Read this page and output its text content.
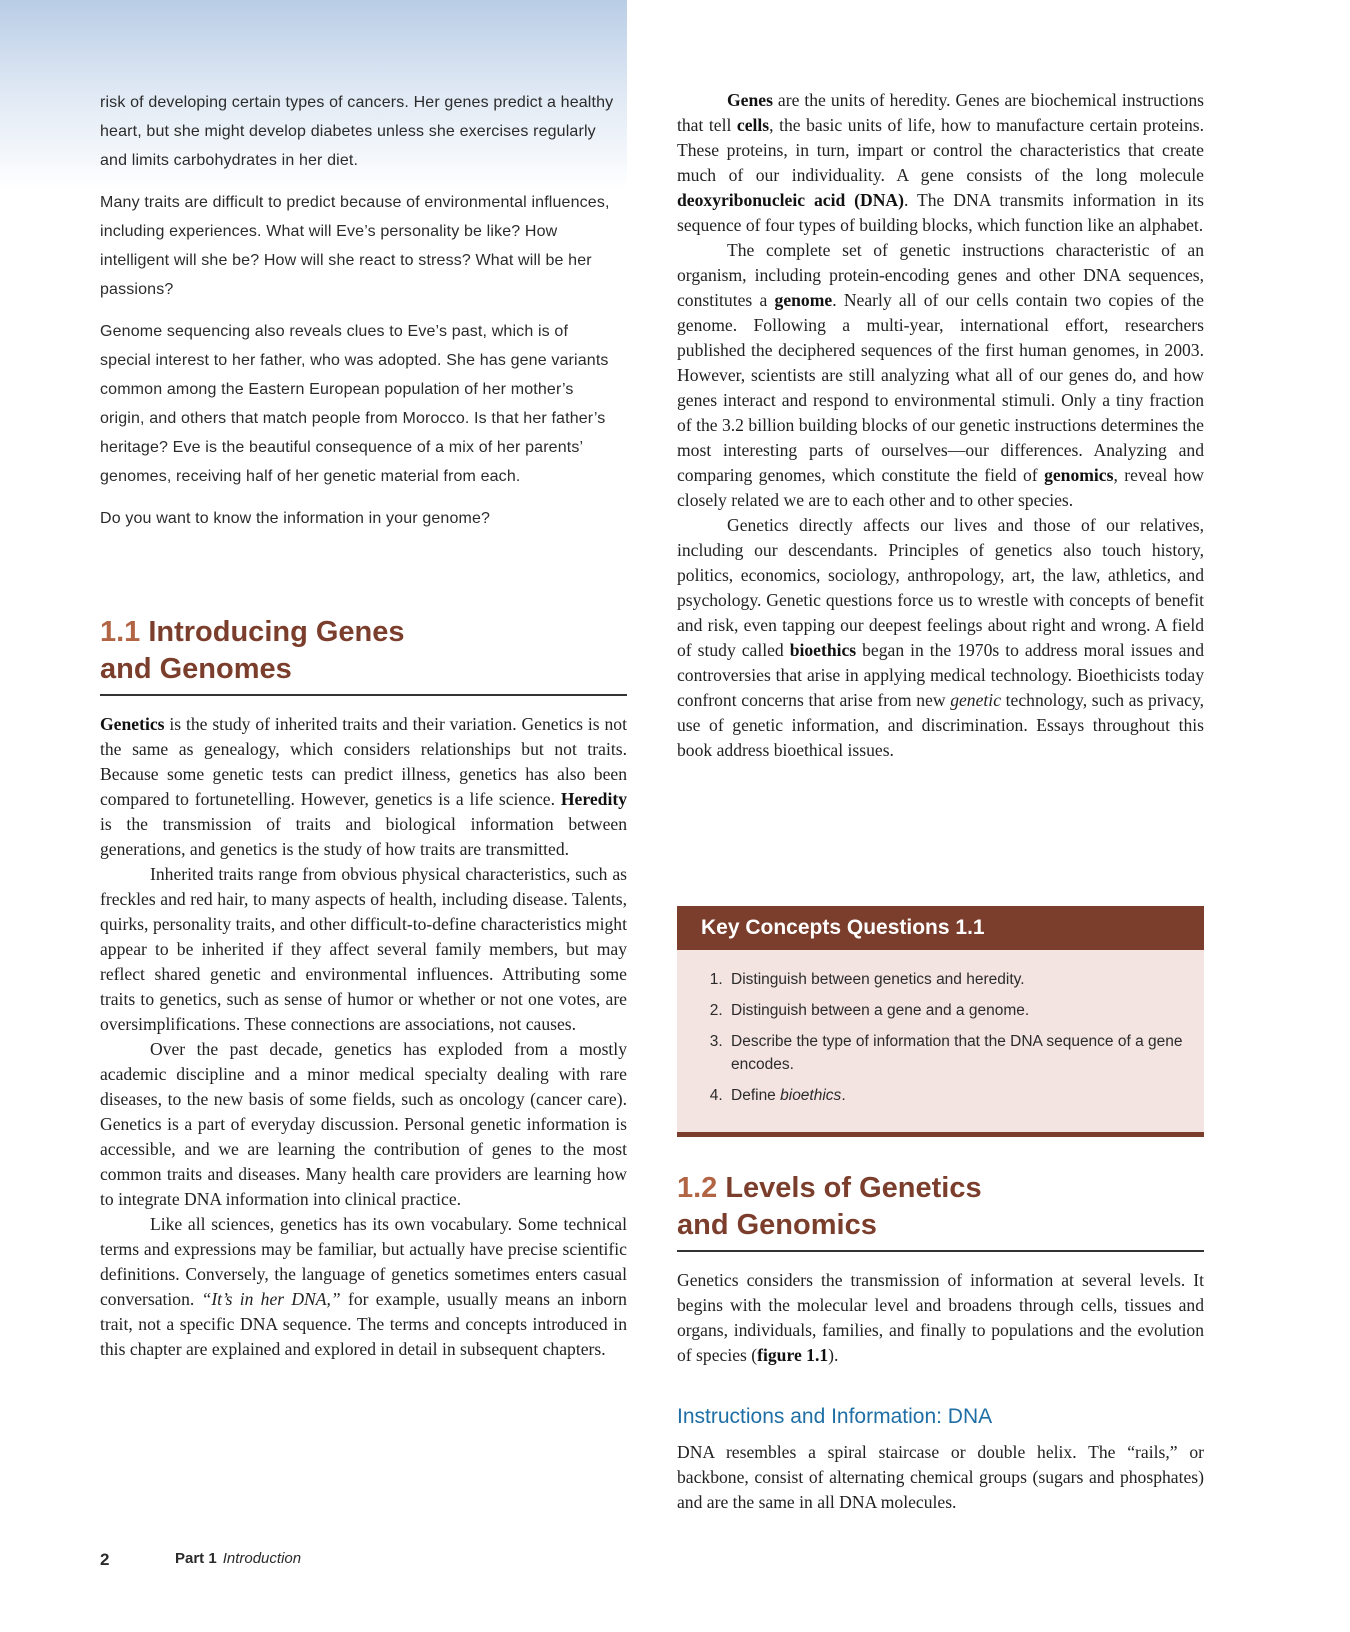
risk of developing certain types of cancers. Her genes predict a healthy heart, but she might develop diabetes unless she exercises regularly and limits carbohydrates in her diet.

Many traits are difficult to predict because of environmental influences, including experiences. What will Eve’s personality be like? How intelligent will she be? How will she react to stress? What will be her passions?

Genome sequencing also reveals clues to Eve’s past, which is of special interest to her father, who was adopted. She has gene variants common among the Eastern European population of her mother’s origin, and others that match people from Morocco. Is that her father’s heritage? Eve is the beautiful consequence of a mix of her parents’ genomes, receiving half of her genetic material from each.

Do you want to know the information in your genome?

1.1 Introducing Genes
and Genomes

Genetics is the study of inherited traits and their variation. Genetics is not the same as genealogy, which considers relationships but not traits. Because some genetic tests can predict illness, genetics has also been compared to fortunetelling. However, genetics is a life science. Heredity is the transmission of traits and biological information between generations, and genetics is the study of how traits are transmitted.

Inherited traits range from obvious physical characteristics, such as freckles and red hair, to many aspects of health, including disease. Talents, quirks, personality traits, and other difficult-to-define characteristics might appear to be inherited if they affect several family members, but may reflect shared genetic and environmental influences. Attributing some traits to genetics, such as sense of humor or whether or not one votes, are oversimplifications. These connections are associations, not causes.

Over the past decade, genetics has exploded from a mostly academic discipline and a minor medical specialty dealing with rare diseases, to the new basis of some fields, such as oncology (cancer care). Genetics is a part of everyday discussion. Personal genetic information is accessible, and we are learning the contribution of genes to the most common traits and diseases. Many health care providers are learning how to integrate DNA information into clinical practice.

Like all sciences, genetics has its own vocabulary. Some technical terms and expressions may be familiar, but actually have precise scientific definitions. Conversely, the language of genetics sometimes enters casual conversation. “It’s in her DNA,” for example, usually means an inborn trait, not a specific DNA sequence. The terms and concepts introduced in this chapter are explained and explored in detail in subsequent chapters.

Genes are the units of heredity. Genes are biochemical instructions that tell cells, the basic units of life, how to manufacture certain proteins. These proteins, in turn, impart or control the characteristics that create much of our individuality. A gene consists of the long molecule deoxyribonucleic acid (DNA). The DNA transmits information in its sequence of four types of building blocks, which function like an alphabet.

The complete set of genetic instructions characteristic of an organism, including protein-encoding genes and other DNA sequences, constitutes a genome. Nearly all of our cells contain two copies of the genome. Following a multi-year, international effort, researchers published the deciphered sequences of the first human genomes, in 2003. However, scientists are still analyzing what all of our genes do, and how genes interact and respond to environmental stimuli. Only a tiny fraction of the 3.2 billion building blocks of our genetic instructions determines the most interesting parts of ourselves—our differences. Analyzing and comparing genomes, which constitute the field of genomics, reveal how closely related we are to each other and to other species.

Genetics directly affects our lives and those of our relatives, including our descendants. Principles of genetics also touch history, politics, economics, sociology, anthropology, art, the law, athletics, and psychology. Genetic questions force us to wrestle with concepts of benefit and risk, even tapping our deepest feelings about right and wrong. A field of study called bioethics began in the 1970s to address moral issues and controversies that arise in applying medical technology. Bioethicists today confront concerns that arise from new genetic technology, such as privacy, use of genetic information, and discrimination. Essays throughout this book address bioethical issues.

Key Concepts Questions 1.1
1. Distinguish between genetics and heredity.
2. Distinguish between a gene and a genome.
3. Describe the type of information that the DNA sequence of a gene encodes.
4. Define bioethics.
1.2 Levels of Genetics
and Genomics

Genetics considers the transmission of information at several levels. It begins with the molecular level and broadens through cells, tissues and organs, individuals, families, and finally to populations and the evolution of species (figure 1.1).

Instructions and Information: DNA

DNA resembles a spiral staircase or double helix. The “rails,” or backbone, consist of alternating chemical groups (sugars and phosphates) and are the same in all DNA molecules.

2	Part 1 Introduction
